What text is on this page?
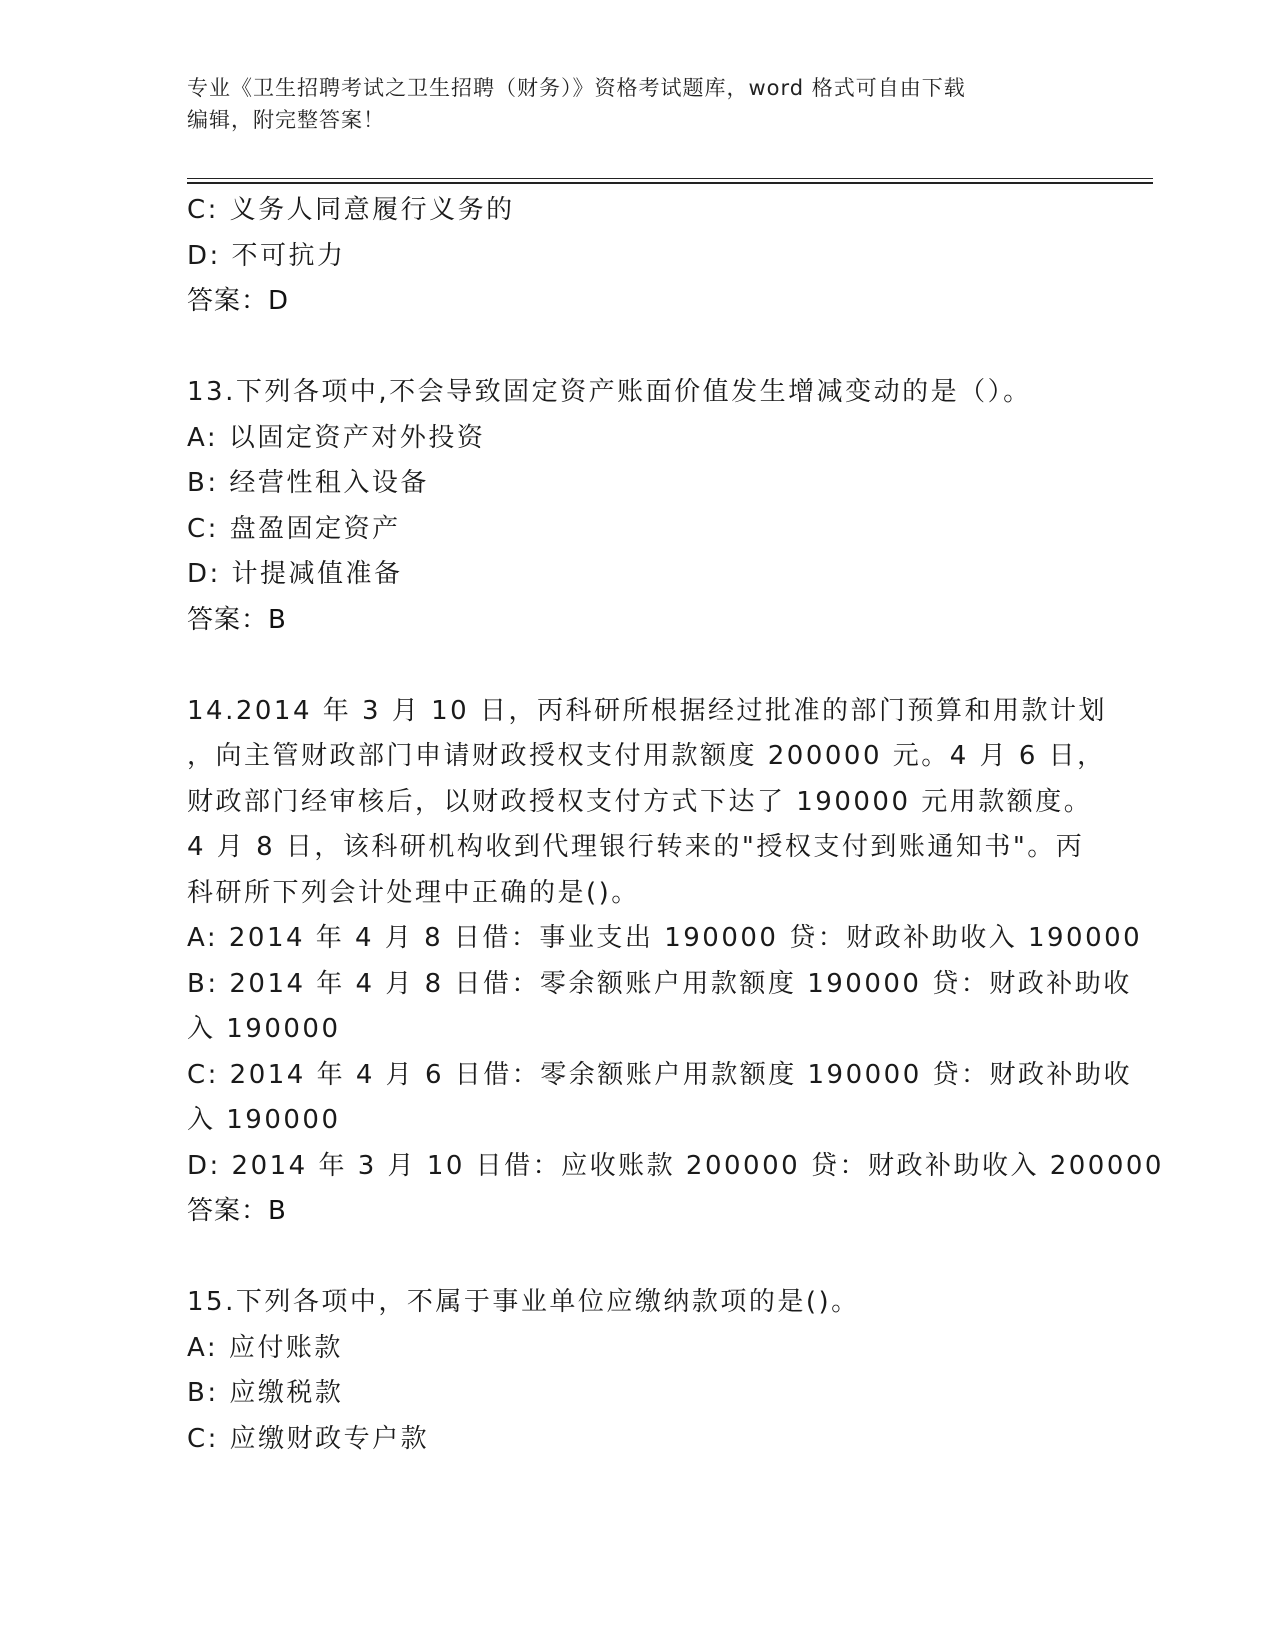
专业《卫生招聘考试之卫生招聘（财务）》资格考试题库，word 格式可自由下载
编辑，附完整答案！
C: 义务人同意履行义务的
D: 不可抗力
答案：D
13.下列各项中,不会导致固定资产账面价值发生增减变动的是（）。
A: 以固定资产对外投资
B: 经营性租入设备
C: 盘盈固定资产
D: 计提减值准备
答案：B
14.2014 年 3 月 10 日，丙科研所根据经过批准的部门预算和用款计划
，向主管财政部门申请财政授权支付用款额度 200000 元。4 月 6 日，
财政部门经审核后，以财政授权支付方式下达了 190000 元用款额度。
4 月 8 日，该科研机构收到代理银行转来的"授权支付到账通知书"。丙
科研所下列会计处理中正确的是()。
A: 2014 年 4 月 8 日借：事业支出 190000 贷：财政补助收入 190000
B: 2014 年 4 月 8 日借：零余额账户用款额度 190000 贷：财政补助收
入 190000
C: 2014 年 4 月 6 日借：零余额账户用款额度 190000 贷：财政补助收
入 190000
D: 2014 年 3 月 10 日借：应收账款 200000 贷：财政补助收入 200000
答案：B
15.下列各项中，不属于事业单位应缴纳款项的是()。
A: 应付账款
B: 应缴税款
C: 应缴财政专户款
